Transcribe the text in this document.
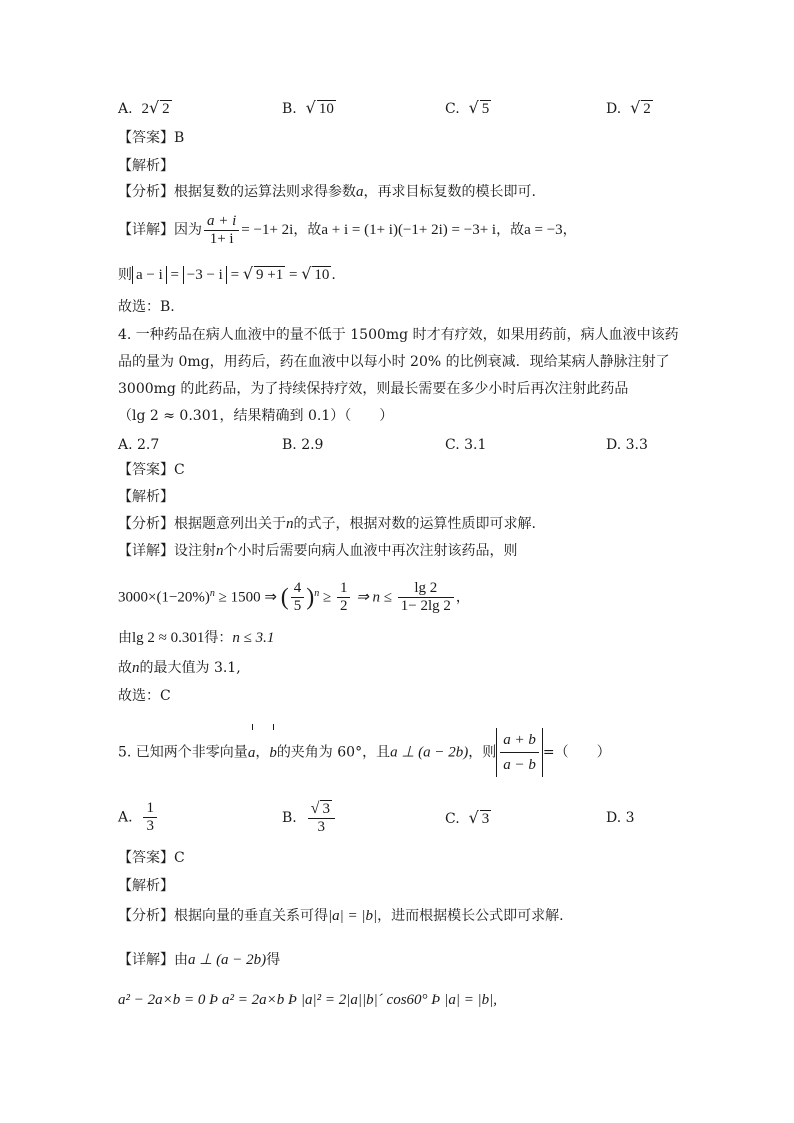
A. 2√ 2	B. √ 10	C. √ 5	D. √ 2
【答案】B
【解析】
【分析】根据复数的运算法则求得参数a，再求目标复数的模长即可.
【详解】因为 $\frac{a + i}{1+ i} = -1+ 2i$，故a + i = (1+ i)(−1+ 2i) = −3+ i，故a = −3，
则 a − i = −3 − i = √ 9 +1 = √ 10 .
故选：B.
4. 一种药品在病人血液中的量不低于 1500mg 时才有疗效，如果用药前，病人血液中该药
品的量为 0mg，用药后，药在血液中以每小时 20% 的比例衰减．现给某病人静脉注射了
3000mg 的此药品，为了持续保持疗效，则最长需要在多少小时后再次注射此药品
（lg 2 ≈ 0.301，结果精确到 0.1）（　　）
A. 2.7	B. 2.9	C. 3.1	D. 3.3
【答案】C
【解析】
【分析】根据题意列出关于n的式子，根据对数的运算性质即可求解.
【详解】设注射n个小时后需要向病人血液中再次注射该药品，则
$3000\times(1-20\%)^n \ge 1500$ ⇒ ( $\frac{4}{5} )^n \ge \frac{1}{2}$ ⇒ $n \le \frac{\lg 2}{1- 2\lg 2}$ ，
由lg 2 ≈ 0.301得：n ≤ 3.1
故n的最大值为 3.1,
故选：C
5. 已知两个非零向量a，b的夹角为 60°，且a ⊥ (a − 2b)，则 $\frac{a + b}{a - b}$ =（　　）
A. $\frac{1}{3}$	B. $\frac{√ 3}{3}$	C. √ 3	D. 3
【答案】C
【解析】
【分析】根据向量的垂直关系可得|a| = |b|，进而根据模长公式即可求解.
【详解】由a ⊥ (a − 2b)得
a² − 2a×b = 0 Þ a² = 2a×b Þ |a|² = 2|a||b|´ cos60° Þ |a| = |b|,
